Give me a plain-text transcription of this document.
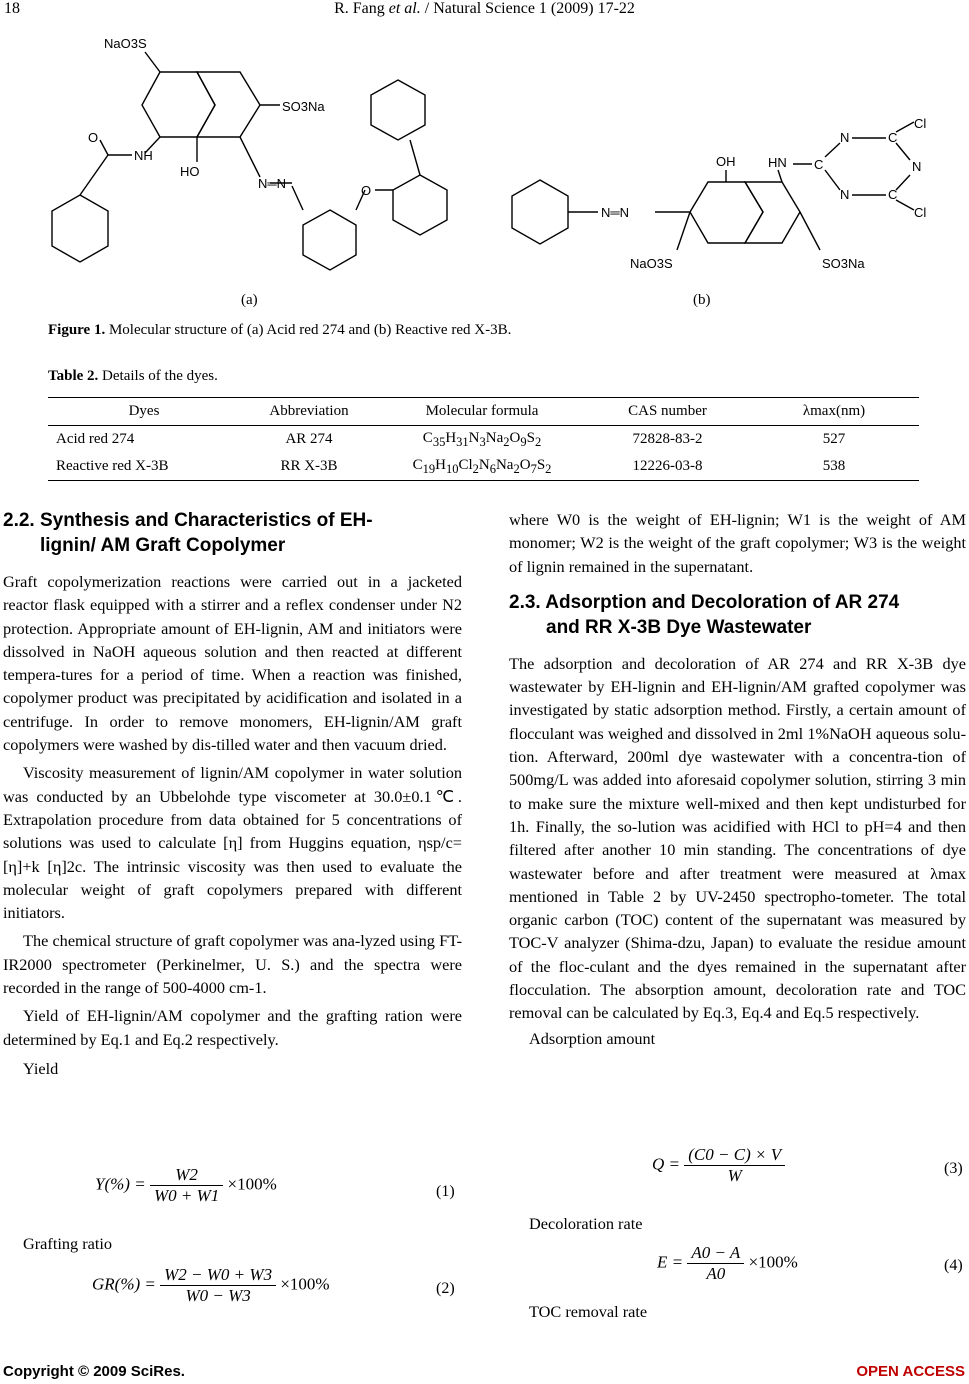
18	R. Fang et al. / Natural Science 1 (2009) 17-22
NaO3S
SO3Na
NH
O
HO
N═N	O
N═N
OH	HN
NaO3S	SO3Na
N	C
Cl
C	N
N	C
Cl
(a)	(b)
Figure 1. Molecular structure of (a) Acid red 274 and (b) Reactive red X-3B.
Table 2. Details of the dyes.
Dyes	Abbreviation	Molecular formula	CAS number	λmax(nm)
Acid red 274	AR 274	$C_{35}H_{31}N_3Na_2O_9S_2$	72828-83-2	527
Reactive red X-3B	RR X-3B	$C_{19}H_{10}Cl_2N_6Na_2O_7S_2$	12226-03-8	538
2.2. Synthesis and Characteristics of EH-
lignin/ AM Graft Copolymer

Graft copolymerization reactions were carried out in a jacketed reactor flask equipped with a stirrer and a reflex condenser under N2 protection. Appropriate amount of EH-lignin, AM and initiators were dissolved in NaOH aqueous solution and then reacted at different tempera-tures for a period of time. When a reaction was finished, copolymer product was precipitated by acidification and isolated in a centrifuge. In order to remove monomers, EH-lignin/AM graft copolymers were washed by dis-tilled water and then vacuum dried.

Viscosity measurement of lignin/AM copolymer in water solution was conducted by an Ubbelohde type viscometer at 30.0±0.1℃. Extrapolation procedure from data obtained for 5 concentrations of solutions was used to calculate [η] from Huggins equation, ηsp/c=[η]+k [η]2c. The intrinsic viscosity was then used to evaluate the molecular weight of graft copolymers prepared with different initiators.

The chemical structure of graft copolymer was ana-lyzed using FT-IR2000 spectrometer (Perkinelmer, U. S.) and the spectra were recorded in the range of 500-4000 cm-1.

Yield of EH-lignin/AM copolymer and the grafting ration were determined by Eq.1 and Eq.2 respectively.

Yield

$Y(\%) = \frac{W2}{W0 + W1} \times 100\%$	(1)
Grafting ratio
$GR(\%) = \frac{W2 - W0 + W3}{W0 - W3} \times 100\%$	(2)

where W0 is the weight of EH-lignin; W1 is the weight of AM monomer; W2 is the weight of the graft copolymer; W3 is the weight of lignin remained in the supernatant.

2.3. Adsorption and Decoloration of AR 274
and RR X-3B Dye Wastewater

The adsorption and decoloration of AR 274 and RR X-3B dye wastewater by EH-lignin and EH-lignin/AM grafted copolymer was investigated by static adsorption method. Firstly, a certain amount of flocculant was weighed and dissolved in 2ml 1%NaOH aqueous solu-tion. Afterward, 200ml dye wastewater with a concentra-tion of 500mg/L was added into aforesaid copolymer solution, stirring 3 min to make sure the mixture well-mixed and then kept undisturbed for 1h. Finally, the so-lution was acidified with HCl to pH=4 and then filtered after another 10 min standing. The concentrations of dye wastewater before and after treatment were measured at λmax mentioned in Table 2 by UV-2450 spectropho-tometer. The total organic carbon (TOC) content of the supernatant was measured by TOC-V analyzer (Shima-dzu, Japan) to evaluate the residue amount of the floc-culant and the dyes remained in the supernatant after flocculation. The absorption amount, decoloration rate and TOC removal can be calculated by Eq.3, Eq.4 and Eq.5 respectively.

Adsorption amount

$Q = \frac{(C0 - C) \times V}{W}$	(3)
Decoloration rate
$E = \frac{A0 - A}{A0} \times 100\%$	(4)
TOC removal rate
Copyright © 2009 SciRes.	OPEN ACCESS
